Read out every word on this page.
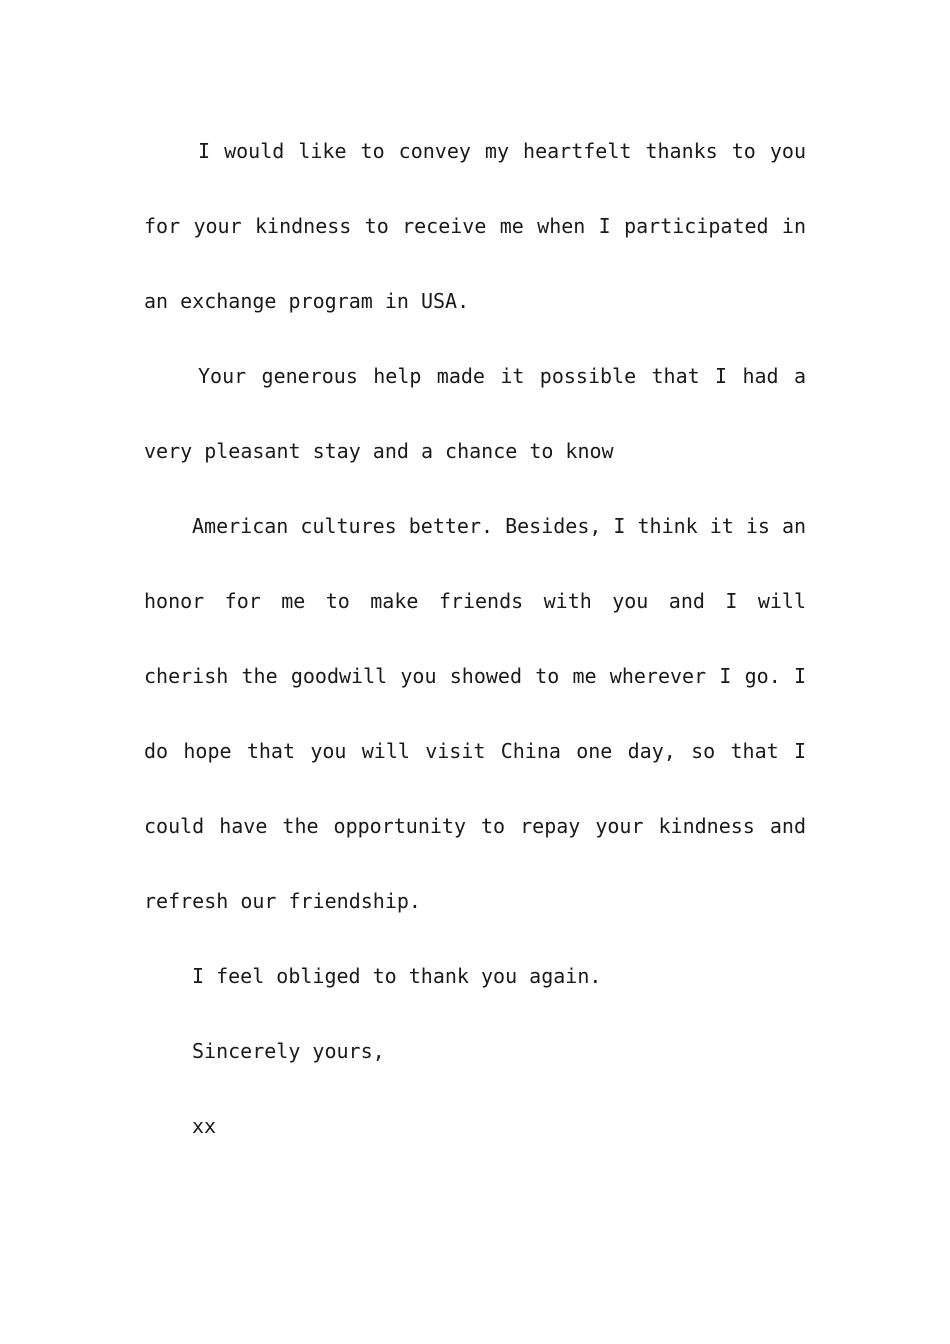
I would like to convey my heartfelt thanks to you
for your kindness to receive me when I participated in
an exchange program in USA.
Your generous help made it possible that I had a
very pleasant stay and a chance to know
American cultures better. Besides, I think it is an
honor for me to make friends with you and I will
cherish the goodwill you showed to me wherever I go. I
do hope that you will visit China one day, so that I
could have the opportunity to repay your kindness and
refresh our friendship.
I feel obliged to thank you again.
Sincerely yours,
xx
